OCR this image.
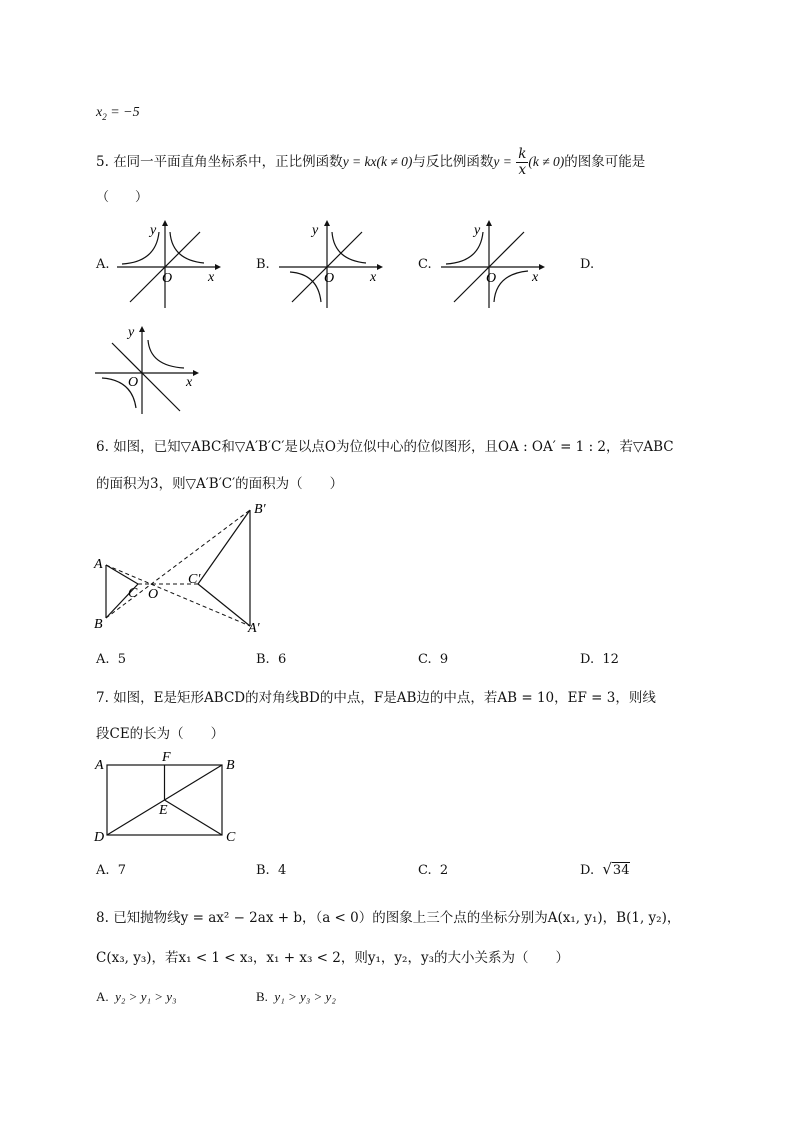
$x_2 = -5$
5. 在同一平面直角坐标系中，正比例函数y = kx(k ≠ 0)与反比例函数$y = \frac{k}{x} (k \ne 0)$的图象可能是
（　　）
A.	B.	C.	D.
y
x
O
y
x
O
y
x
O
y
x
O
6. 如图，已知▽ABC和▽A′B′C′是以点O为位似中心的位似图形，且OA : OA′ = 1 : 2，若▽ABC
的面积为3，则▽A′B′C′的面积为（　　）
A
B
C O
B′
A′
C′
A. 5	B. 6	C. 9	D. 12
7. 如图，E是矩形ABCD的对角线BD的中点，F是AB边的中点，若AB = 10，EF = 3，则线
段CE的长为（　　）
A	B
C
D
E
F
A. 7	B. 4	C. 2	D. √34
8. 已知抛物线y = ax² − 2ax + b，（a < 0）的图象上三个点的坐标分别为A(x₁, y₁)，B(1, y₂)，
C(x₃, y₃)，若x₁ < 1 < x₃，x₁ + x₃ < 2，则y₁，y₂，y₃的大小关系为（　　）
A. y₂ > y₁ > y₃	B. y₁ > y₃ > y₂
